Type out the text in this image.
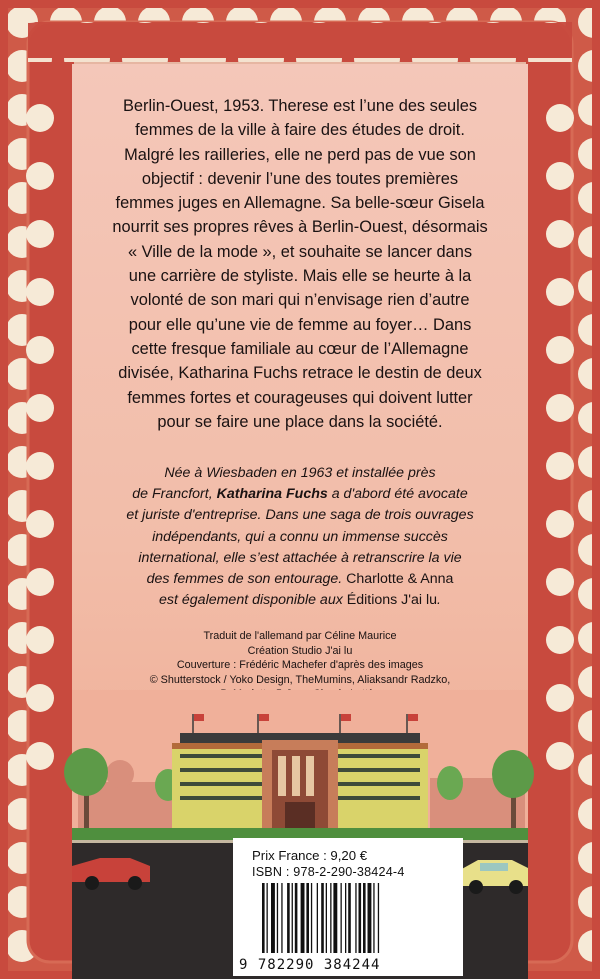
Berlin-Ouest, 1953. Therese est l’une des seules
femmes de la ville à faire des études de droit.
Malgré les railleries, elle ne perd pas de vue son
objectif : devenir l’une des toutes premières
femmes juges en Allemagne. Sa belle-sœur Gisela
nourrit ses propres rêves à Berlin-Ouest, désormais
« Ville de la mode », et souhaite se lancer dans
une carrière de styliste. Mais elle se heurte à la
volonté de son mari qui n’envisage rien d’autre
pour elle qu’une vie de femme au foyer… Dans
cette fresque familiale au cœur de l’Allemagne
divisée, Katharina Fuchs retrace le destin de deux
femmes fortes et courageuses qui doivent lutter
pour se faire une place dans la société.
Née à Wiesbaden en 1963 et installée près
de Francfort, Katharina Fuchs a d'abord été avocate
et juriste d'entreprise. Dans une saga de trois ouvrages
indépendants, qui a connu un immense succès
international, elle s’est attachée à retranscrire la vie
des femmes de son entourage. Charlotte & Anna
est également disponible aux Éditions J'ai lu.
Traduit de l'allemand par Céline Maurice
Création Studio J'ai lu
Couverture : Frédéric Machefer d'après des images
© Shutterstock / Yoko Design, TheMumins, Aliaksandr Radzko,
Prix France : 9,20 €
ISBN : 978-2-290-38424-4
9 782290 384244
